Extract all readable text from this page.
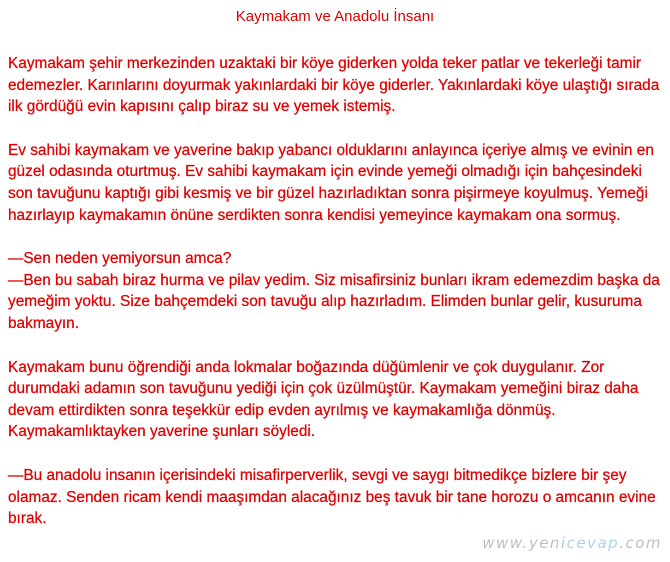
Kaymakam ve Anadolu İnsanı

Kaymakam şehir merkezinden uzaktaki bir köye giderken yolda teker patlar ve tekerleği tamir edemezler. Karınlarını doyurmak yakınlardaki bir köye giderler. Yakınlardaki köye ulaştığı sırada ilk gördüğü evin kapısını çalıp biraz su ve yemek istemiş.

Ev sahibi kaymakam ve yaverine bakıp yabancı olduklarını anlayınca içeriye almış ve evinin en güzel odasında oturtmuş. Ev sahibi kaymakam için evinde yemeği olmadığı için bahçesindeki son tavuğunu kaptığı gibi kesmiş ve bir güzel hazırladıktan sonra pişirmeye koyulmuş. Yemeği hazırlayıp kaymakamın önüne serdikten sonra kendisi yemeyince kaymakam ona sormuş.

—Sen neden yemiyorsun amca?
—Ben bu sabah biraz hurma ve pilav yedim. Siz misafirsiniz bunları ikram edemezdim başka da yemeğim yoktu. Size bahçemdeki son tavuğu alıp hazırladım. Elimden bunlar gelir, kusuruma bakmayın.

Kaymakam bunu öğrendiği anda lokmalar boğazında düğümlenir ve çok duygulanır. Zor durumdaki adamın son tavuğunu yediği için çok üzülmüştür. Kaymakam yemeğini biraz daha devam ettirdikten sonra teşekkür edip evden ayrılmış ve kaymakamlığa dönmüş. Kaymakamlıktayken yaverine şunları söyledi.

—Bu anadolu insanın içerisindeki misafirperverlik, sevgi ve saygı bitmedikçe bizlere bir şey olamaz. Senden ricam kendi maaşımdan alacağınız beş tavuk bir tane horozu o amcanın evine bırak.

www.yenicevap.com
